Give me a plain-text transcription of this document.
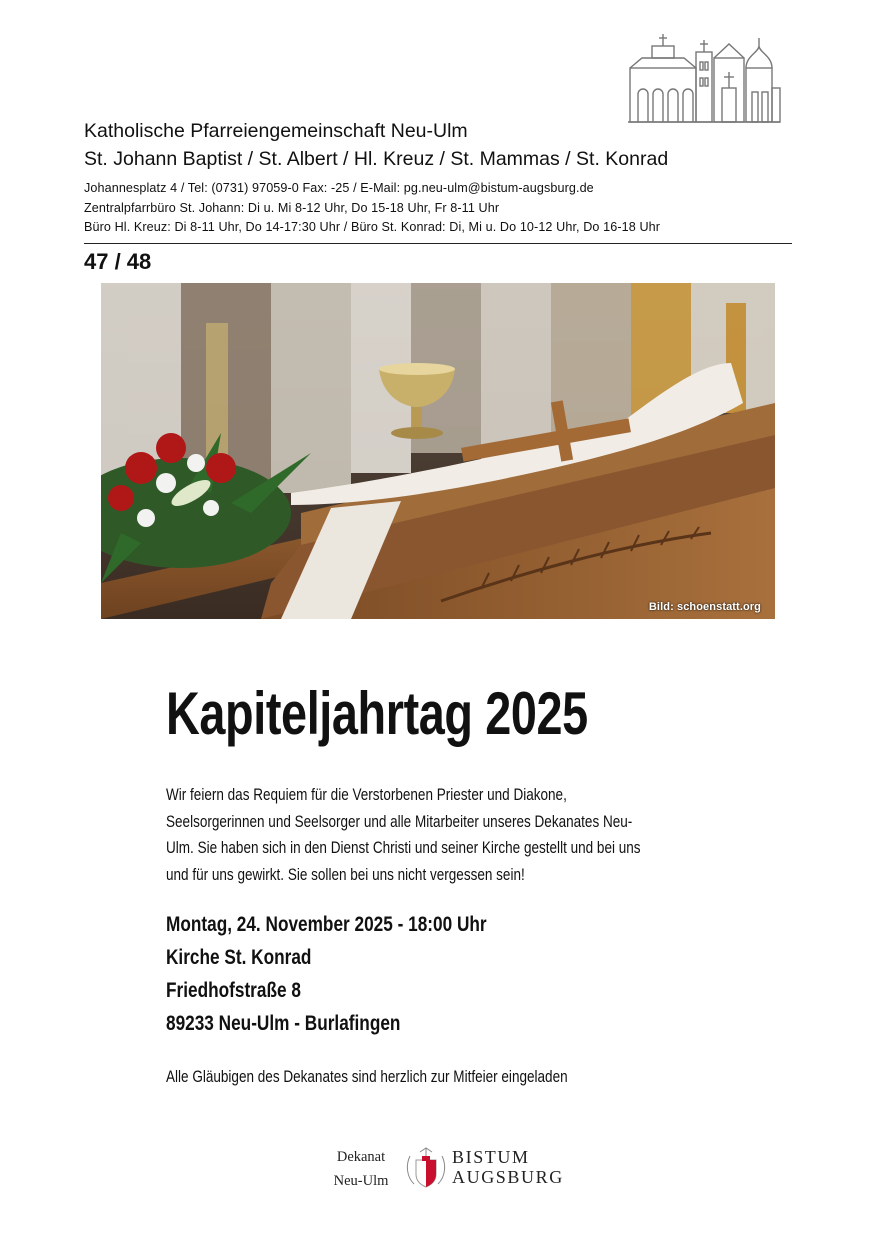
Katholische Pfarreiengemeinschaft Neu-Ulm
St. Johann Baptist / St. Albert / Hl. Kreuz / St. Mammas / St. Konrad
Johannesplatz 4 / Tel: (0731) 97059-0 Fax: -25 / E-Mail: pg.neu-ulm@bistum-augsburg.de
Zentralpfarrbüro St. Johann: Di u. Mi 8-12 Uhr, Do 15-18 Uhr, Fr 8-11 Uhr
Büro Hl. Kreuz: Di 8-11 Uhr, Do 14-17:30 Uhr / Büro St. Konrad: Di, Mi u. Do 10-12 Uhr, Do 16-18 Uhr
47 / 48
Bild: schoenstatt.org
Kapiteljahrtag 2025
Wir feiern das Requiem für die Verstorbenen Priester und Diakone,
Seelsorgerinnen und Seelsorger und alle Mitarbeiter unseres Dekanates Neu-
Ulm. Sie haben sich in den Dienst Christi und seiner Kirche gestellt und bei uns
und für uns gewirkt. Sie sollen bei uns nicht vergessen sein!
Montag, 24. November 2025 - 18:00 Uhr
Kirche St. Konrad
Friedhofstraße 8
89233 Neu-Ulm - Burlafingen
Alle Gläubigen des Dekanates sind herzlich zur Mitfeier eingeladen
Dekanat
Neu-Ulm
BISTUM
AUGSBURG
